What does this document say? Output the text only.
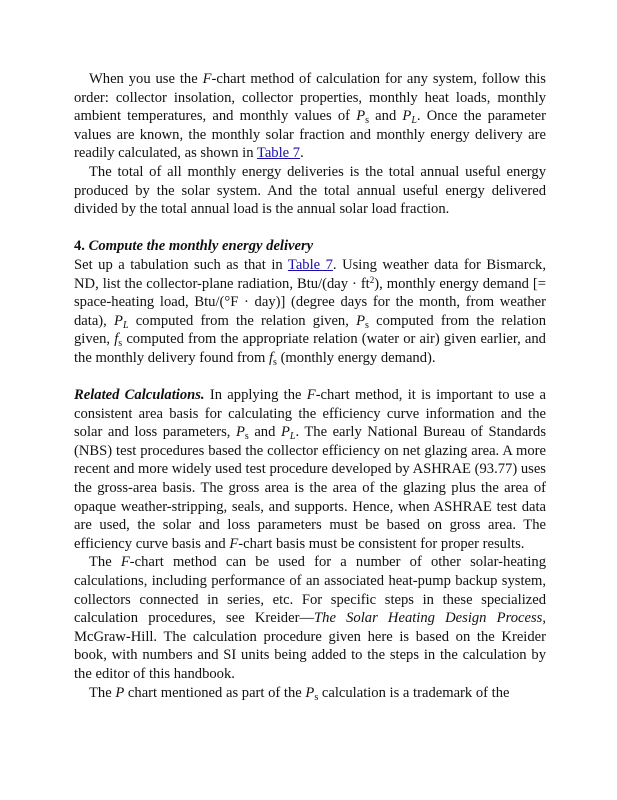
When you use the F-chart method of calculation for any system, follow this order: collector insolation, collector properties, monthly heat loads, monthly ambient temperatures, and monthly values of $P_s$ and $P_L$. Once the parameter values are known, the monthly solar fraction and monthly energy delivery are readily calculated, as shown in Table 7.

The total of all monthly energy deliveries is the total annual useful energy produced by the solar system. And the total annual useful energy delivered divided by the total annual load is the annual solar load fraction.

4. Compute the monthly energy delivery

Set up a tabulation such as that in Table 7. Using weather data for Bismarck, ND, list the collector-plane radiation, $Btu/(day \cdot ft^2)$, monthly energy demand [= space-heating load, Btu/(°F · day)] (degree days for the month, from weather data), $P_L$ computed from the relation given, $P_s$ computed from the relation given, $f_s$ computed from the appropriate relation (water or air) given earlier, and the monthly delivery found from $f_s$ (monthly energy demand).

Related Calculations. In applying the F-chart method, it is important to use a consistent area basis for calculating the efficiency curve information and the solar and loss parameters, $P_s$ and $P_L$. The early National Bureau of Standards (NBS) test procedures based the collector efficiency on net glazing area. A more recent and more widely used test procedure developed by ASHRAE (93.77) uses the gross-area basis. The gross area is the area of the glazing plus the area of opaque weather-stripping, seals, and supports. Hence, when ASHRAE test data are used, the solar and loss parameters must be based on gross area. The efficiency curve basis and F-chart basis must be consistent for proper results.

The F-chart method can be used for a number of other solar-heating calculations, including performance of an associated heat-pump backup system, collectors connected in series, etc. For specific steps in these specialized calculation procedures, see Kreider—The Solar Heating Design Process, McGraw-Hill. The calculation procedure given here is based on the Kreider book, with numbers and SI units being added to the steps in the calculation by the editor of this handbook.

The P chart mentioned as part of the $P_s$ calculation is a trademark of the
